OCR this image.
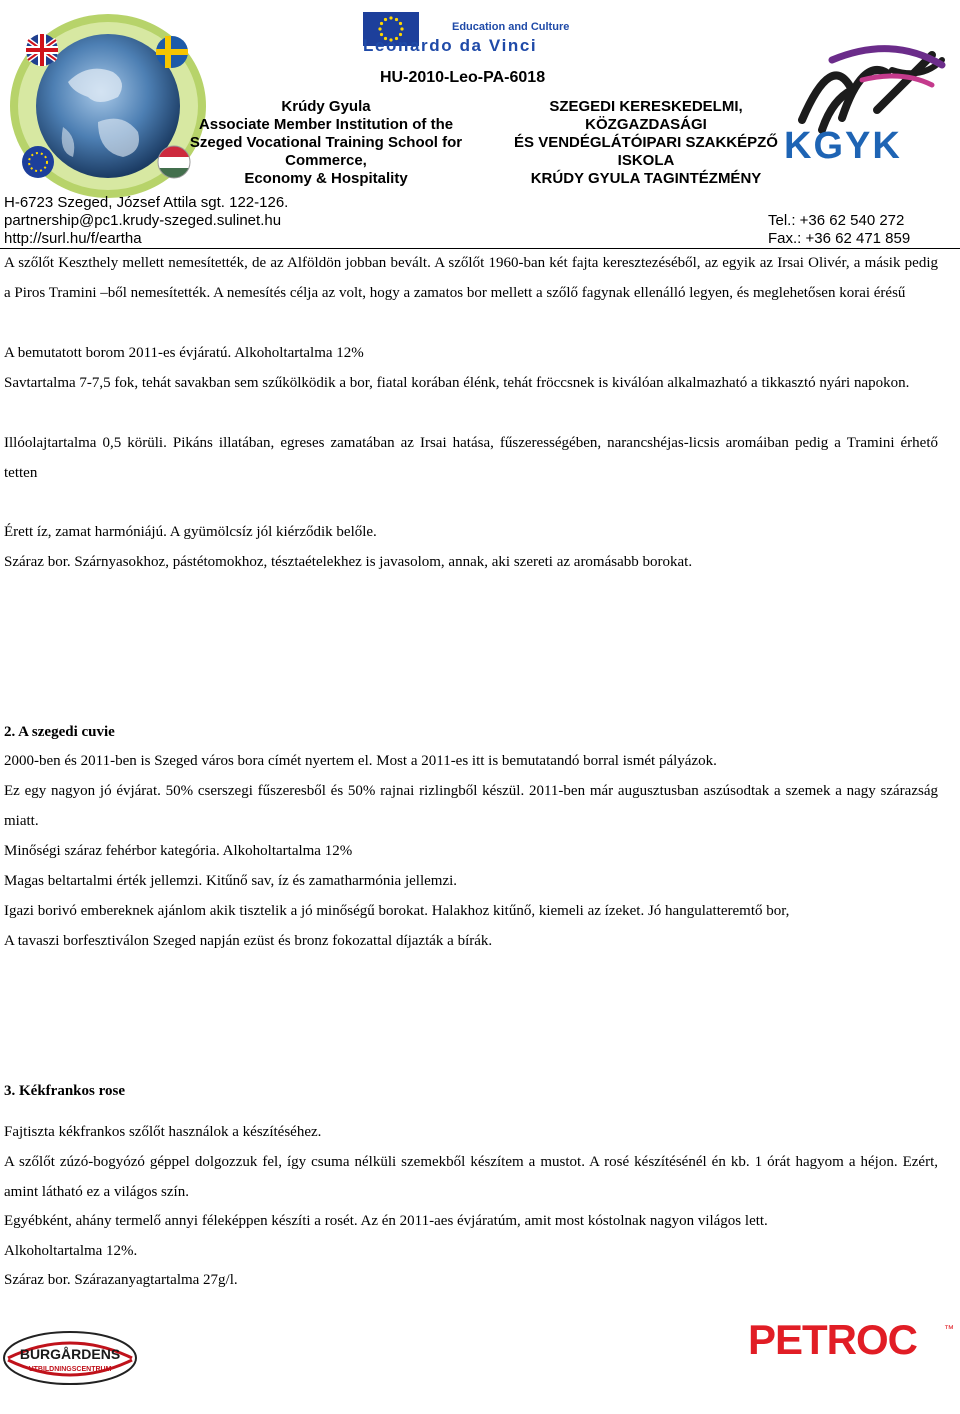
Education and Culture
Leonardo da Vinci
HU-2010-Leo-PA-6018
Krúdy Gyula
Associate Member Institution of the
Szeged Vocational Training School for
Commerce,
Economy & Hospitality
SZEGEDI KERESKEDELMI,
KÖZGAZDASÁGI
ÉS VENDÉGLÁTÓIPARI SZAKKÉPZŐ
ISKOLA
KRÚDY GYULA TAGINTÉZMÉNY
KGYK
H-6723 Szeged, József Attila sgt. 122-126.
partnership@pc1.krudy-szeged.sulinet.hu
http://surl.hu/f/eartha
Tel.: +36 62 540 272
Fax.: +36 62 471 859
A szőlőt Keszthely mellett nemesítették, de az Alföldön jobban bevált. A szőlőt 1960-ban két fajta keresztezéséből, az egyik az Irsai Olivér, a másik pedig a Piros Tramini –ből nemesítették. A nemesítés célja az volt, hogy a zamatos bor mellett a szőlő fagynak ellenálló legyen, és meglehetősen korai érésű
A bemutatott borom 2011-es évjáratú. Alkoholtartalma 12%
Savtartalma 7-7,5 fok, tehát savakban sem szűkölködik a bor, fiatal korában élénk, tehát fröccsnek is kiválóan alkalmazható a tikkasztó nyári napokon.
Illóolajtartalma 0,5 körüli. Pikáns illatában, egreses zamatában az Irsai hatása, fűszerességében, narancshéjas-licsis aromáiban pedig a Tramini érhető tetten
Érett íz, zamat harmóniájú. A gyümölcsíz jól kiérződik belőle.
Száraz bor. Szárnyasokhoz, pástétomokhoz, tésztaételekhez is javasolom, annak, aki szereti az aromásabb borokat.
2. A szegedi cuvie
2000-ben és 2011-ben is Szeged város bora címét nyertem el. Most a 2011-es itt is bemutatandó borral ismét pályázok.
Ez egy nagyon jó évjárat. 50% cserszegi fűszeresből és 50% rajnai rizlingből készül. 2011-ben már augusztusban aszúsodtak a szemek a nagy szárazság miatt.
Minőségi száraz fehérbor kategória. Alkoholtartalma 12%
Magas beltartalmi érték jellemzi. Kitűnő sav, íz és zamatharmónia jellemzi.
Igazi borivó embereknek ajánlom akik tisztelik a jó minőségű borokat. Halakhoz kitűnő, kiemeli az ízeket. Jó hangulatteremtő bor,
A tavaszi borfesztiválon Szeged napján ezüst és bronz fokozattal díjazták a bírák.
3. Kékfrankos rose
Fajtiszta kékfrankos szőlőt használok a készítéséhez.
A szőlőt zúzó-bogyózó géppel dolgozzuk fel, így csuma nélküli szemekből készítem a mustot. A rosé készítésénél én kb. 1 órát hagyom a héjon. Ezért, amint látható ez a világos szín.
Egyébként, ahány termelő annyi féleképpen készíti a rosét. Az én 2011-aes évjáratúm, amit most kóstolnak nagyon világos lett.
Alkoholtartalma 12%.
Száraz bor. Szárazanyagtartalma 27g/l.
BURGÅRDENS
UTBILDNINGSCENTRUM
PETROC	™
